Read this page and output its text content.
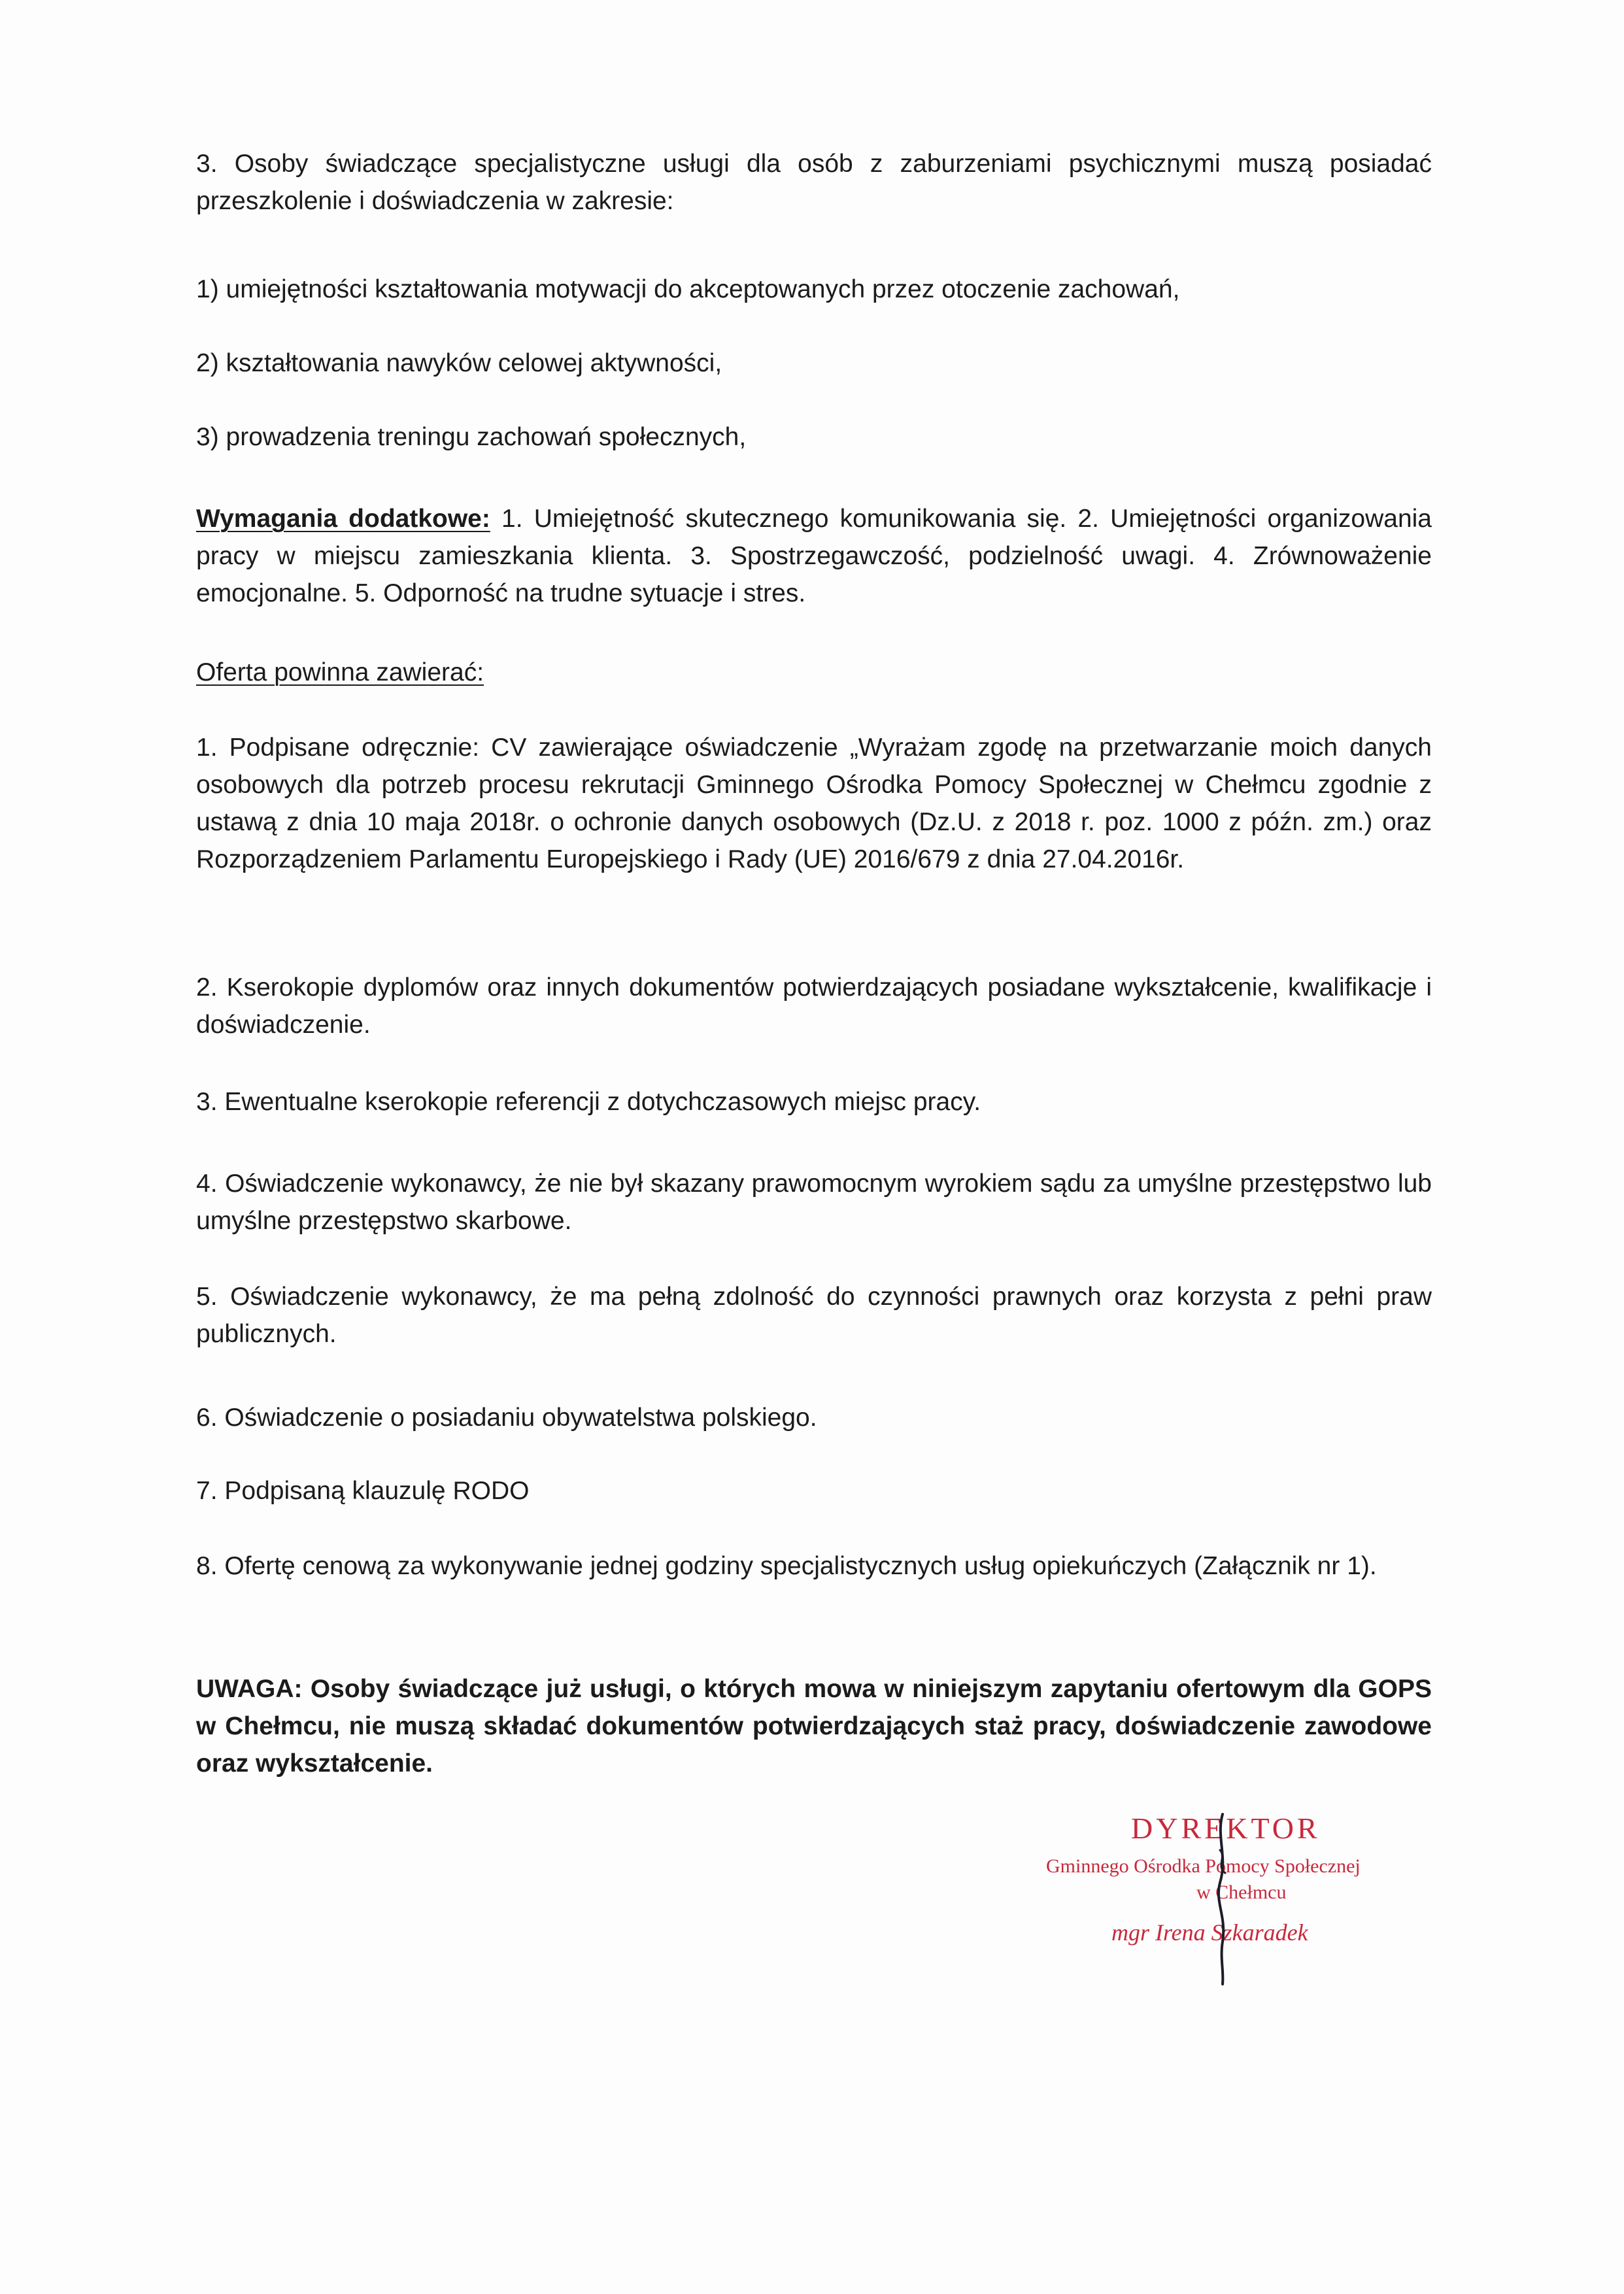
3. Osoby świadczące specjalistyczne usługi dla osób z zaburzeniami psychicznymi muszą posiadać przeszkolenie i doświadczenia w zakresie:

1) umiejętności kształtowania motywacji do akceptowanych przez otoczenie zachowań,

2) kształtowania nawyków celowej aktywności,

3) prowadzenia treningu zachowań społecznych,

Wymagania dodatkowe: 1. Umiejętność skutecznego komunikowania się. 2. Umiejętności organizowania pracy w miejscu zamieszkania klienta. 3. Spostrzegawczość, podzielność uwagi. 4. Zrównoważenie emocjonalne. 5. Odporność na trudne sytuacje i stres.

Oferta powinna zawierać:

1. Podpisane odręcznie: CV zawierające oświadczenie „Wyrażam zgodę na przetwarzanie moich danych osobowych dla potrzeb procesu rekrutacji Gminnego Ośrodka Pomocy Społecznej w Chełmcu zgodnie z ustawą z dnia 10 maja 2018r. o ochronie danych osobowych (Dz.U. z 2018 r. poz. 1000 z późn. zm.) oraz Rozporządzeniem Parlamentu Europejskiego i Rady (UE) 2016/679 z dnia 27.04.2016r.

2. Kserokopie dyplomów oraz innych dokumentów potwierdzających posiadane wykształcenie, kwalifikacje i doświadczenie.

3. Ewentualne kserokopie referencji z dotychczasowych miejsc pracy.

4. Oświadczenie wykonawcy, że nie był skazany prawomocnym wyrokiem sądu za umyślne przestępstwo lub umyślne przestępstwo skarbowe.

5. Oświadczenie wykonawcy, że ma pełną zdolność do czynności prawnych oraz korzysta z pełni praw publicznych.

6. Oświadczenie o posiadaniu obywatelstwa polskiego.

7. Podpisaną klauzulę RODO

8. Ofertę cenową za wykonywanie jednej godziny specjalistycznych usług opiekuńczych (Załącznik nr 1).

UWAGA: Osoby świadczące już usługi, o których mowa w niniejszym zapytaniu ofertowym dla GOPS w Chełmcu, nie muszą składać dokumentów potwierdzających staż pracy, doświadczenie zawodowe oraz wykształcenie.

DYREKTOR
Gminnego Ośrodka Pomocy Społecznej
w Chełmcu
mgr Irena Szkaradek
